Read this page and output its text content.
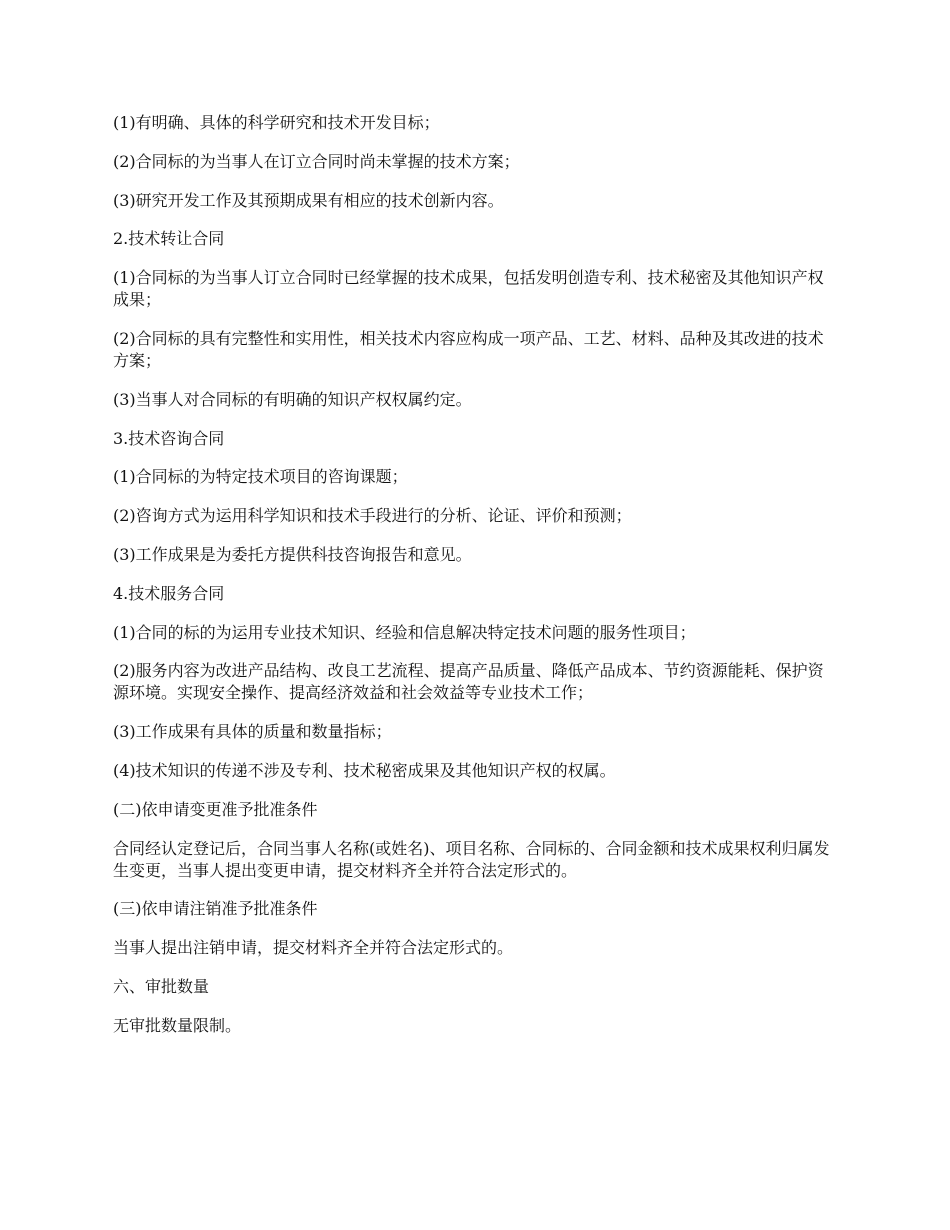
(1)有明确、具体的科学研究和技术开发目标；

(2)合同标的为当事人在订立合同时尚未掌握的技术方案；

(3)研究开发工作及其预期成果有相应的技术创新内容。

2.技术转让合同

(1)合同标的为当事人订立合同时已经掌握的技术成果，包括发明创造专利、技术秘密及其他知识产权成果；

(2)合同标的具有完整性和实用性，相关技术内容应构成一项产品、工艺、材料、品种及其改进的技术方案；

(3)当事人对合同标的有明确的知识产权权属约定。

3.技术咨询合同

(1)合同标的为特定技术项目的咨询课题；

(2)咨询方式为运用科学知识和技术手段进行的分析、论证、评价和预测；

(3)工作成果是为委托方提供科技咨询报告和意见。

4.技术服务合同

(1)合同的标的为运用专业技术知识、经验和信息解决特定技术问题的服务性项目；

(2)服务内容为改进产品结构、改良工艺流程、提高产品质量、降低产品成本、节约资源能耗、保护资源环境。实现安全操作、提高经济效益和社会效益等专业技术工作；

(3)工作成果有具体的质量和数量指标；

(4)技术知识的传递不涉及专利、技术秘密成果及其他知识产权的权属。

(二)依申请变更准予批准条件

合同经认定登记后，合同当事人名称(或姓名)、项目名称、合同标的、合同金额和技术成果权利归属发生变更，当事人提出变更申请，提交材料齐全并符合法定形式的。

(三)依申请注销准予批准条件

当事人提出注销申请，提交材料齐全并符合法定形式的。

六、审批数量

无审批数量限制。
